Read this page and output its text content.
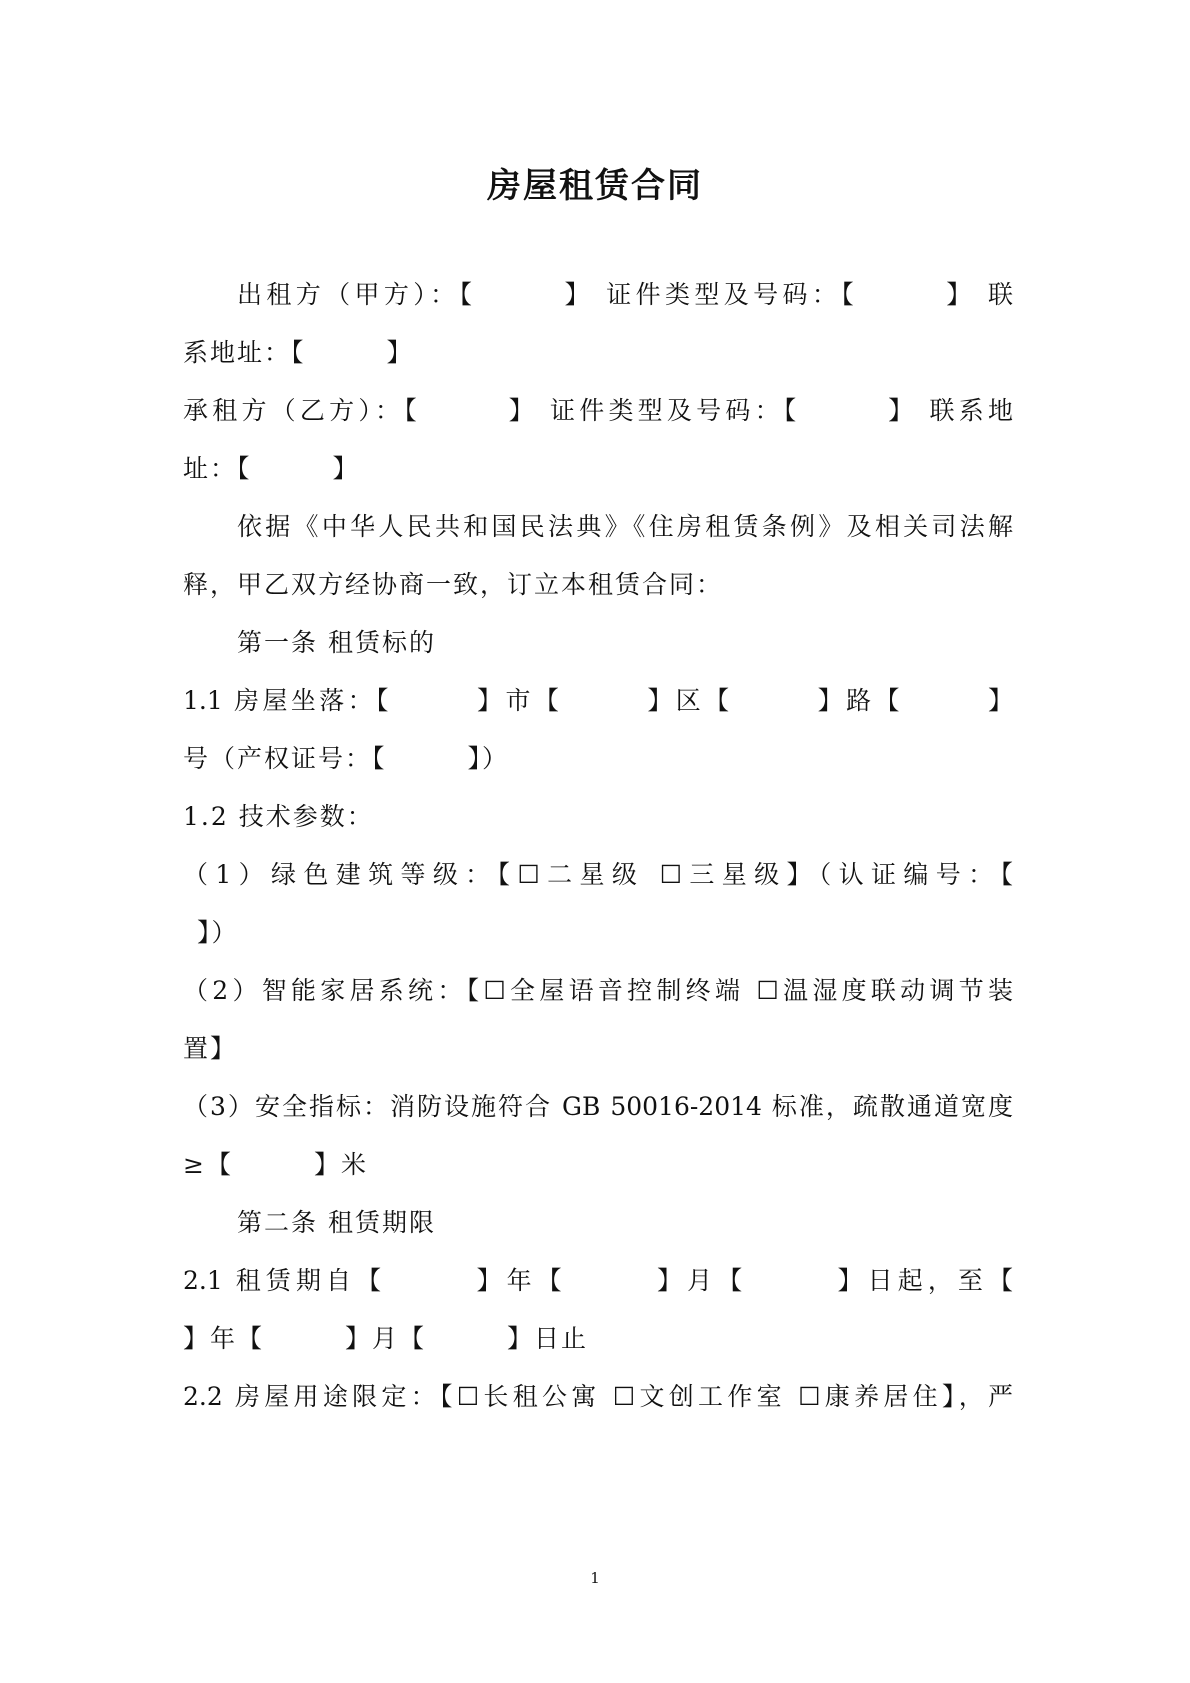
房屋租赁合同
出租方（甲方）：【　　　】 证件类型及号码：【　　　】 联
系地址：【　　　】
承租方（乙方）：【　　　】 证件类型及号码：【　　　】 联系地
址：【　　　】
依据《中华人民共和国民法典》《住房租赁条例》及相关司法解
释，甲乙双方经协商一致，订立本租赁合同：
第一条 租赁标的
1.1 房屋坐落：【　　　】市【　　　】区【　　　】路【　　　】
号（产权证号：【　　　】）
1.2 技术参数：
（1）绿色建筑等级：【☐二星级 ☐三星级】（认证编号：【
】）
（2）智能家居系统：【☐全屋语音控制终端 ☐温湿度联动调节装
置】
（3）安全指标：消防设施符合 GB 50016-2014 标准，疏散通道宽度
≥【　　　】米
第二条 租赁期限
2.1 租赁期自【　　　】年【　　　】月【　　　】日起，至【
】年【　　　】月【　　　】日止
2.2 房屋用途限定：【☐长租公寓 ☐文创工作室 ☐康养居住】，严
1
